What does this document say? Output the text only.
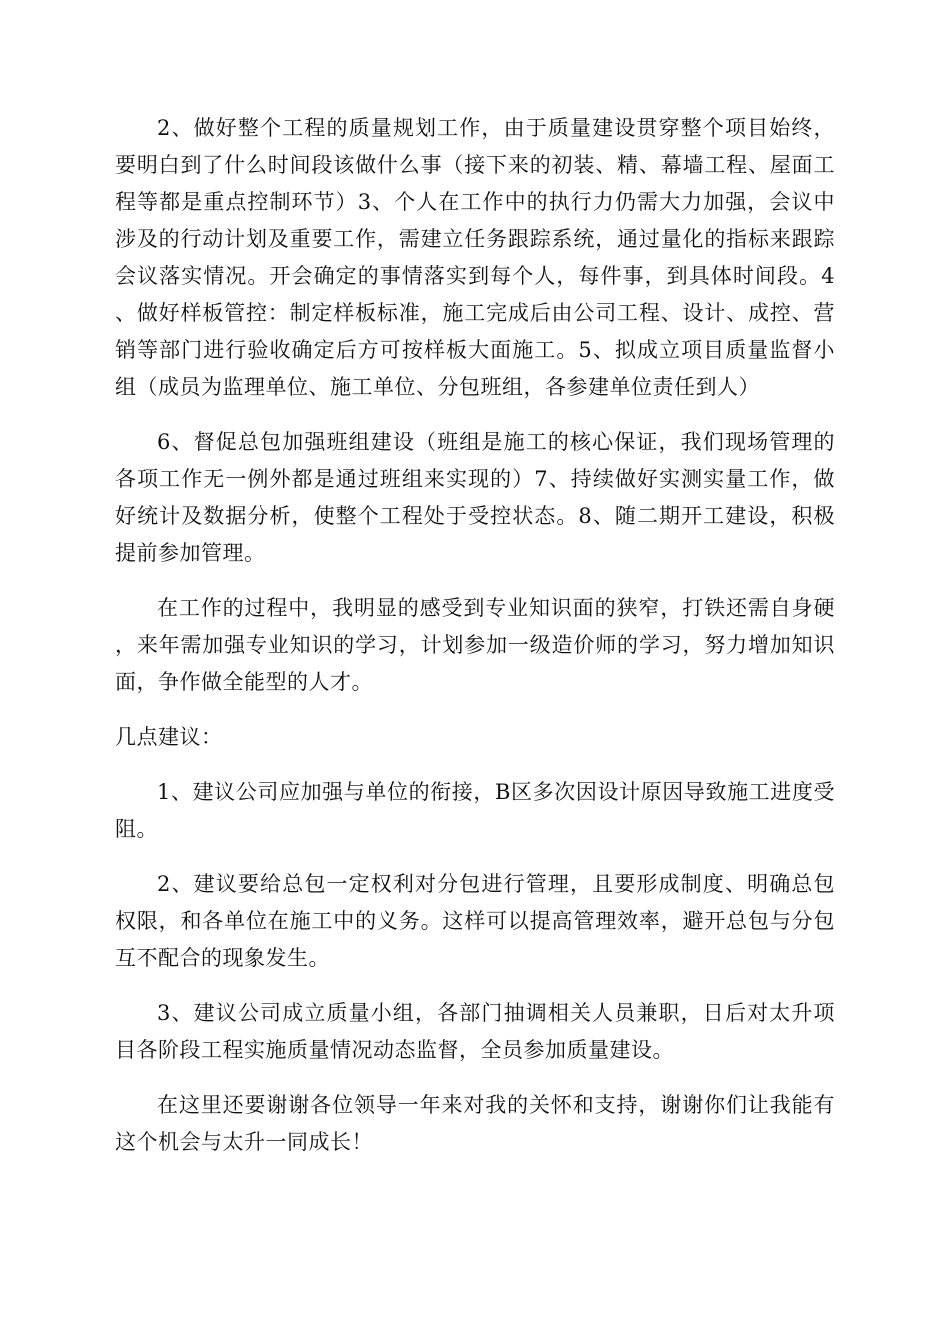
2、做好整个工程的质量规划工作，由于质量建设贯穿整个项目始终，要明白到了什么时间段该做什么事（接下来的初装、精、幕墙工程、屋面工程等都是重点控制环节）3、个人在工作中的执行力仍需大力加强，会议中涉及的行动计划及重要工作，需建立任务跟踪系统，通过量化的指标来跟踪会议落实情况。开会确定的事情落实到每个人，每件事，到具体时间段。4、做好样板管控：制定样板标准，施工完成后由公司工程、设计、成控、营销等部门进行验收确定后方可按样板大面施工。5、拟成立项目质量监督小组（成员为监理单位、施工单位、分包班组，各参建单位责任到人）

6、督促总包加强班组建设（班组是施工的核心保证，我们现场管理的各项工作无一例外都是通过班组来实现的）7、持续做好实测实量工作，做好统计及数据分析，使整个工程处于受控状态。8、随二期开工建设，积极提前参加管理。

在工作的过程中，我明显的感受到专业知识面的狭窄，打铁还需自身硬，来年需加强专业知识的学习，计划参加一级造价师的学习，努力增加知识面，争作做全能型的人才。

几点建议：

1、建议公司应加强与单位的衔接，B区多次因设计原因导致施工进度受阻。

2、建议要给总包一定权利对分包进行管理，且要形成制度、明确总包权限，和各单位在施工中的义务。这样可以提高管理效率，避开总包与分包互不配合的现象发生。

3、建议公司成立质量小组，各部门抽调相关人员兼职，日后对太升项目各阶段工程实施质量情况动态监督，全员参加质量建设。

在这里还要谢谢各位领导一年来对我的关怀和支持，谢谢你们让我能有这个机会与太升一同成长！
